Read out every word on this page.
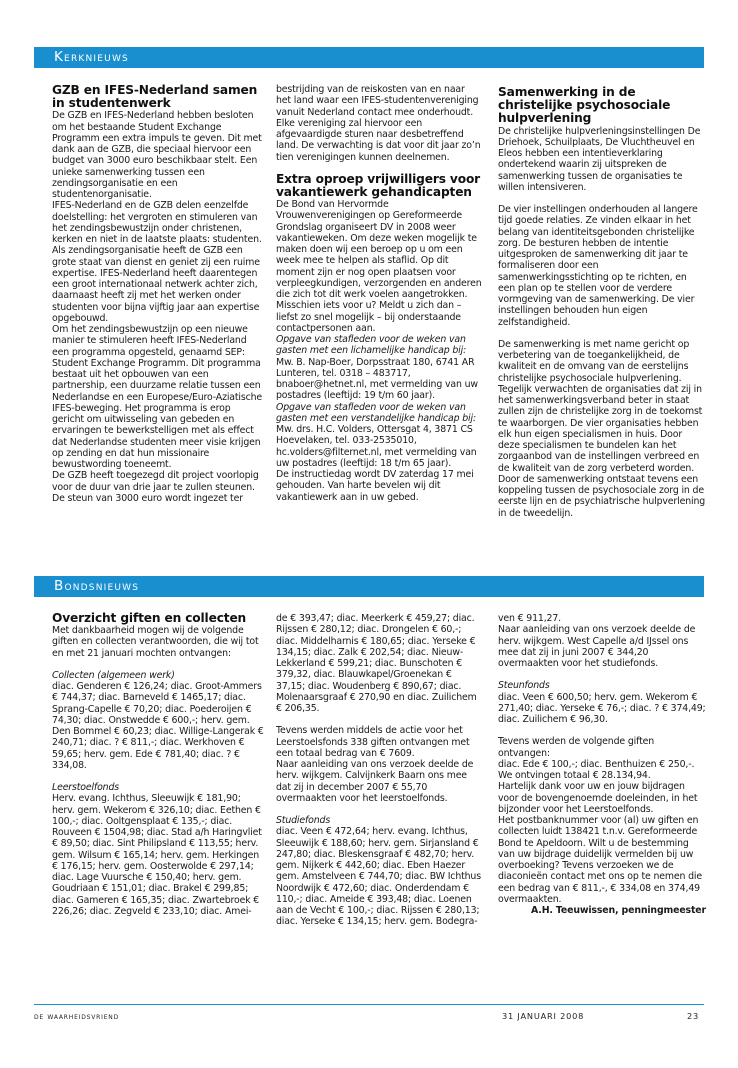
Kerknieuws
Bondsnieuws
GZB en IFES-Nederland samen in studentenwerk

De GZB en IFES-Nederland hebben besloten om het bestaande Student Exchange Programm een extra impuls te geven. Dit met dank aan de GZB, die speciaal hiervoor een budget van 3000 euro beschikbaar stelt. Een unieke samenwerking tussen een zendingsorganisatie en een studentenorganisatie.

IFES-Nederland en de GZB delen eenzelfde doelstelling: het vergroten en stimuleren van het zendingsbewustzijn onder christenen, kerken en niet in de laatste plaats: studenten. Als zendingsorganisatie heeft de GZB een grote staat van dienst en geniet zij een ruime expertise. IFES-Nederland heeft daarentegen een groot internationaal netwerk achter zich, daarnaast heeft zij met het werken onder studenten voor bijna vijftig jaar aan expertise opgebouwd.

Om het zendingsbewustzijn op een nieuwe manier te stimuleren heeft IFES-Nederland een programma opgesteld, genaamd SEP: Student Exchange Programm. Dit programma bestaat uit het opbouwen van een partnership, een duurzame relatie tussen een Nederlandse en een Europese/Euro-Aziatische IFES-beweging. Het programma is erop gericht om uitwisseling van gebeden en ervaringen te bewerkstelligen met als effect dat Nederlandse studenten meer visie krijgen op zending en dat hun missionaire bewustwording toeneemt.

De GZB heeft toegezegd dit project voorlopig voor de duur van drie jaar te zullen steunen. De steun van 3000 euro wordt ingezet ter

bestrijding van de reiskosten van en naar het land waar een IFES-studentenvereniging vanuit Nederland contact mee onderhoudt. Elke vereniging zal hiervoor een afgevaardigde sturen naar desbetreffend land. De verwachting is dat voor dit jaar zo’n tien verenigingen kunnen deelnemen.

Extra oproep vrijwilligers voor vakantiewerk gehandicapten

De Bond van Hervormde Vrouwenverenigingen op Gereformeerde Grondslag organiseert DV in 2008 weer vakantieweken. Om deze weken mogelijk te maken doen wij een beroep op u om een week mee te helpen als staflid. Op dit moment zijn er nog open plaatsen voor verpleegkundigen, verzorgenden en anderen die zich tot dit werk voelen aangetrokken. Misschien iets voor u? Meldt u zich dan – liefst zo snel mogelijk – bij onderstaande contactpersonen aan.

Opgave van stafleden voor de weken van gasten met een lichamelijke handicap bij: Mw. B. Nap-Boer, Dorpsstraat 180, 6741 AR Lunteren, tel. 0318 – 483717, bnaboer@hetnet.nl, met vermelding van uw postadres (leeftijd: 19 t/m 60 jaar).

Opgave van stafleden voor de weken van gasten met een verstandelijke handicap bij: Mw. drs. H.C. Volders, Ottersgat 4, 3871 CS Hoevelaken, tel. 033-2535010, hc.volders@filternet.nl, met vermelding van uw postadres (leeftijd: 18 t/m 65 jaar).

De instructiedag wordt DV zaterdag 17 mei gehouden. Van harte bevelen wij dit vakantiewerk aan in uw gebed.

Samenwerking in de christelijke psychosociale hulpverlening

De christelijke hulpverleningsinstellingen De Driehoek, Schuilplaats, De Vluchtheuvel en Eleos hebben een intentieverklaring ondertekend waarin zij uitspreken de samenwerking tussen de organisaties te willen intensiveren.

De vier instellingen onderhouden al langere tijd goede relaties. Ze vinden elkaar in het belang van identiteitsgebonden christelijke zorg. De besturen hebben de intentie uitgesproken de samenwerking dit jaar te formaliseren door een samenwerkingsstichting op te richten, en een plan op te stellen voor de verdere vormgeving van de samenwerking. De vier instellingen behouden hun eigen zelfstandigheid.

De samenwerking is met name gericht op verbetering van de toegankelijkheid, de kwaliteit en de omvang van de eerstelijns christelijke psychosociale hulpverlening. Tegelijk verwachten de organisaties dat zij in het samenwerkingsverband beter in staat zullen zijn de christelijke zorg in de toekomst te waarborgen. De vier organisaties hebben elk hun eigen specialismen in huis. Door deze specialismen te bundelen kan het zorgaanbod van de instellingen verbreed en de kwaliteit van de zorg verbeterd worden. Door de samenwerking ontstaat tevens een koppeling tussen de psychosociale zorg in de eerste lijn en de psychiatrische hulpverlening in de tweedelijn.

Overzicht giften en collecten

Met dankbaarheid mogen wij de volgende giften en collecten verantwoorden, die wij tot en met 21 januari mochten ontvangen:

Collecten (algemeen werk)

diac. Genderen € 126,24; diac. Groot-Ammers € 744,37; diac. Barneveld € 1465,17; diac. Sprang-Capelle € 70,20; diac. Poederoijen € 74,30; diac. Onstwedde € 600,-; herv. gem. Den Bommel € 60,23; diac. Willige-Langerak € 240,71; diac. ? € 811,-; diac. Werkhoven € 59,65; herv. gem. Ede € 781,40; diac. ? € 334,08.

Leerstoelfonds

Herv. evang. Ichthus, Sleeuwijk € 181,90; herv. gem. Wekerom € 326,10; diac. Eethen € 100,-; diac. Ooltgensplaat € 135,-; diac. Rouveen € 1504,98; diac. Stad a/h Haringvliet € 89,50; diac. Sint Philipsland € 113,55; herv. gem. Wilsum € 165,14; herv. gem. Herkingen € 176,15; herv. gem. Oosterwolde € 297,14; diac. Lage Vuursche € 150,40; herv. gem. Goudriaan € 151,01; diac. Brakel € 299,85; diac. Gameren € 165,35; diac. Zwartebroek € 226,26; diac. Zegveld € 233,10; diac. Amei-

de € 393,47; diac. Meerkerk € 459,27; diac. Rijssen € 280,12; diac. Drongelen € 60,-; diac. Middelharnis € 180,65; diac. Yerseke € 134,15; diac. Zalk € 202,54; diac. Nieuw-Lekkerland € 599,21; diac. Bunschoten € 379,32, diac. Blauwkapel/Groenekan € 37,15; diac. Woudenberg € 890,67; diac. Molenaarsgraaf € 270,90 en diac. Zuilichem € 206,35.

Tevens werden middels de actie voor het Leerstoelsfonds 338 giften ontvangen met een totaal bedrag van € 7609.

Naar aanleiding van ons verzoek deelde de herv. wijkgem. Calvijnkerk Baarn ons mee dat zij in december 2007 € 55,70 overmaakten voor het leerstoelfonds.

Studiefonds

diac. Veen € 472,64; herv. evang. Ichthus, Sleeuwijk € 188,60; herv. gem. Sirjansland € 247,80; diac. Bleskensgraaf € 482,70; herv. gem. Nijkerk € 442,60; diac. Eben Haezer gem. Amstelveen € 744,70; diac. BW Ichthus Noordwijk € 472,60; diac. Onderdendam € 110,-; diac. Ameide € 393,48; diac. Loenen aan de Vecht € 100,-; diac. Rijssen € 280,13; diac. Yerseke € 134,15; herv. gem. Bodegra-

ven € 911,27.

Naar aanleiding van ons verzoek deelde de herv. wijkgem. West Capelle a/d IJssel ons mee dat zij in juni 2007 € 344,20 overmaakten voor het studiefonds.

Steunfonds

diac. Veen € 600,50; herv. gem. Wekerom € 271,40; diac. Yerseke € 76,-; diac. ? € 374,49; diac. Zuilichem € 96,30.

Tevens werden de volgende giften ontvangen:

diac. Ede € 100,-; diac. Benthuizen € 250,-.

We ontvingen totaal € 28.134,94.

Hartelijk dank voor uw en jouw bijdragen voor de bovengenoemde doeleinden, in het bijzonder voor het Leerstoelfonds.

Het postbanknummer voor (al) uw giften en collecten luidt 138421 t.n.v. Gereformeerde Bond te Apeldoorn. Wilt u de bestemming van uw bijdrage duidelijk vermelden bij uw overboeking? Tevens verzoeken we de diaconieën contact met ons op te nemen die een bedrag van € 811,-, € 334,08 en 374,49 overmaakten.

A.H. Teeuwissen, penningmeester

de waarheidsvriend	31 JANUARI 2008	23
